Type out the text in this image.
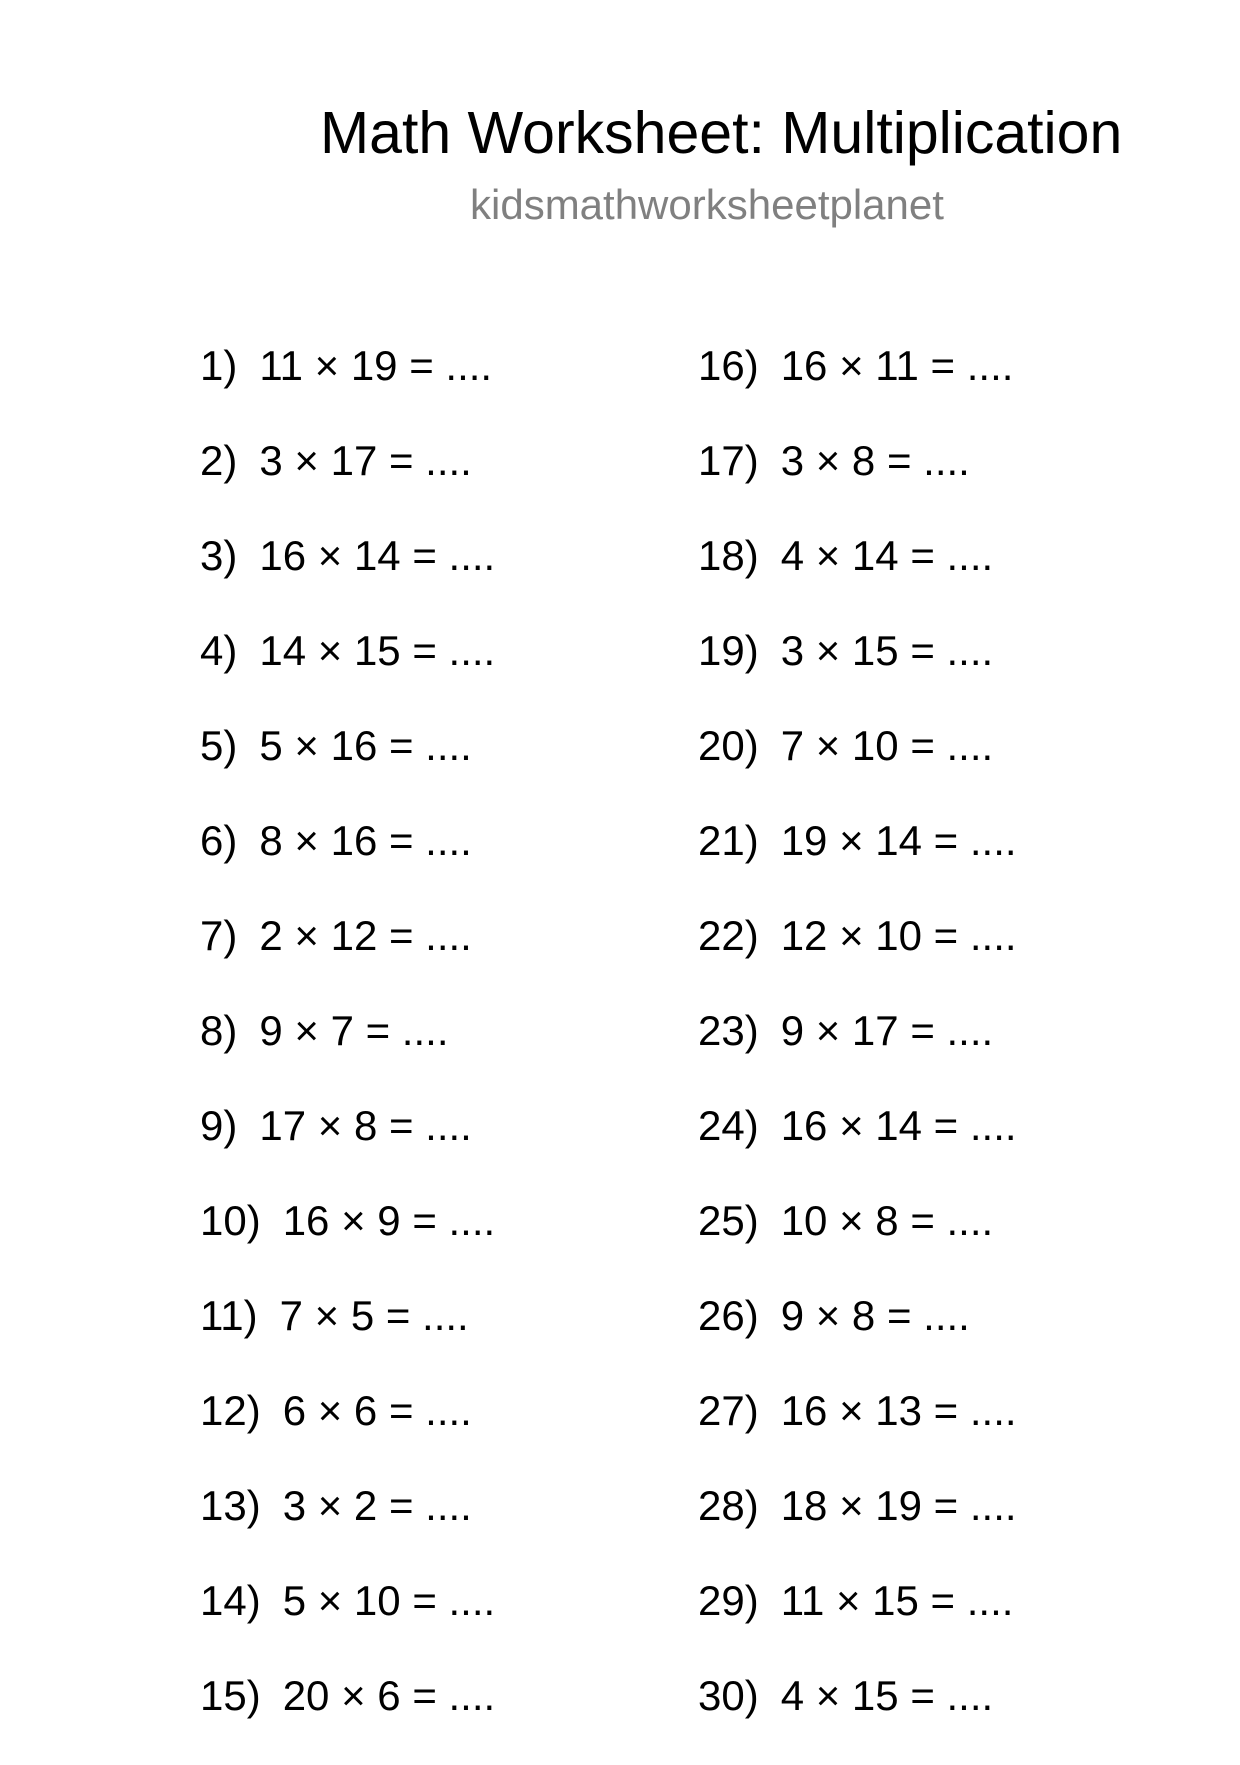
Math Worksheet: Multiplication
kidsmathworksheetplanet
1) 11 × 19 = ....
2) 3 × 17 = ....
3) 16 × 14 = ....
4) 14 × 15 = ....
5) 5 × 16 = ....
6) 8 × 16 = ....
7) 2 × 12 = ....
8) 9 × 7 = ....
9) 17 × 8 = ....
10) 16 × 9 = ....
11) 7 × 5 = ....
12) 6 × 6 = ....
13) 3 × 2 = ....
14) 5 × 10 = ....
15) 20 × 6 = ....
16) 16 × 11 = ....
17) 3 × 8 = ....
18) 4 × 14 = ....
19) 3 × 15 = ....
20) 7 × 10 = ....
21) 19 × 14 = ....
22) 12 × 10 = ....
23) 9 × 17 = ....
24) 16 × 14 = ....
25) 10 × 8 = ....
26) 9 × 8 = ....
27) 16 × 13 = ....
28) 18 × 19 = ....
29) 11 × 15 = ....
30) 4 × 15 = ....
